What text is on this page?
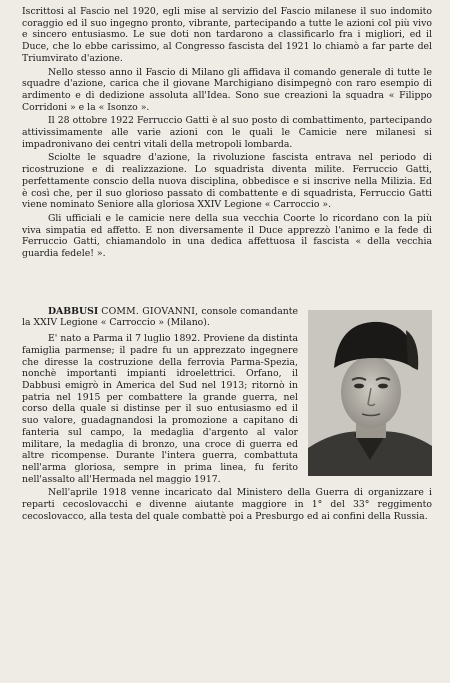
Iscrittosi al Fascio nel 1920, egli mise al servizio del Fascio milanese il suo indomito coraggio ed il suo ingegno pronto, vibrante, partecipando a tutte le azioni col più vivo e sincero entusiasmo. Le sue doti non tardarono a classificarlo fra i migliori, ed il Duce, che lo ebbe carissimo, al Congresso fascista del 1921 lo chiamò a far parte del Triumvirato d'azione.

Nello stesso anno il Fascio di Milano gli affidava il comando generale di tutte le squadre d'azione, carica che il giovane Marchigiano disimpegnò con raro esempio di ardimento e di dedizione assoluta all'Idea. Sono sue creazioni la squadra « Filippo Corridoni » e la « Isonzo ».

Il 28 ottobre 1922 Ferruccio Gatti è al suo posto di combattimento, partecipando attivissimamente alle varie azioni con le quali le Camicie nere milanesi si impadronivano dei centri vitali della metropoli lombarda.

Sciolte le squadre d'azione, la rivoluzione fascista entrava nel periodo di ricostruzione e di realizzazione. Lo squadrista diventa milite. Ferruccio Gatti, perfettamente conscio della nuova disciplina, obbedisce e si inscrive nella Milizia. Ed è così che, per il suo glorioso passato di combattente e di squadrista, Ferruccio Gatti viene nominato Seniore alla gloriosa XXIV Legione « Carroccio ».

Gli ufficiali e le camicie nere della sua vecchia Coorte lo ricordano con la più viva simpatia ed affetto. E non diversamente il Duce apprezzò l'animo e la fede di Ferruccio Gatti, chiamandolo in una dedica affettuosa il fascista « della vecchia guardia fedele! ».

DABBUSI COMM. GIOVANNI, console comandante la XXIV Legione « Carroccio » (Milano).

E' nato a Parma il 7 luglio 1892. Proviene da distinta famiglia parmense; il padre fu un apprezzato ingegnere che diresse la costruzione della ferrovia Parma-Spezia, nonchè importanti impianti idroelettrici. Orfano, il Dabbusi emigrò in America del Sud nel 1913; ritornò in patria nel 1915 per combattere la grande guerra, nel corso della quale si distinse per il suo entusiasmo ed il suo valore, guadagnandosi la promozione a capitano di fanteria sul campo, la medaglia d'argento al valor militare, la medaglia di bronzo, una croce di guerra ed altre ricompense. Durante l'intera guerra, combattuta nell'arma gloriosa, sempre in prima linea, fu ferito nell'assalto all'Hermada nel maggio 1917.

Nell'aprile 1918 venne incaricato dal Ministero della Guerra di organizzare i reparti cecoslovacchi e divenne aiutante maggiore in 1° del 33° reggimento cecoslovacco, alla testa del quale combattè poi a Presburgo ed ai confini della Russia.
